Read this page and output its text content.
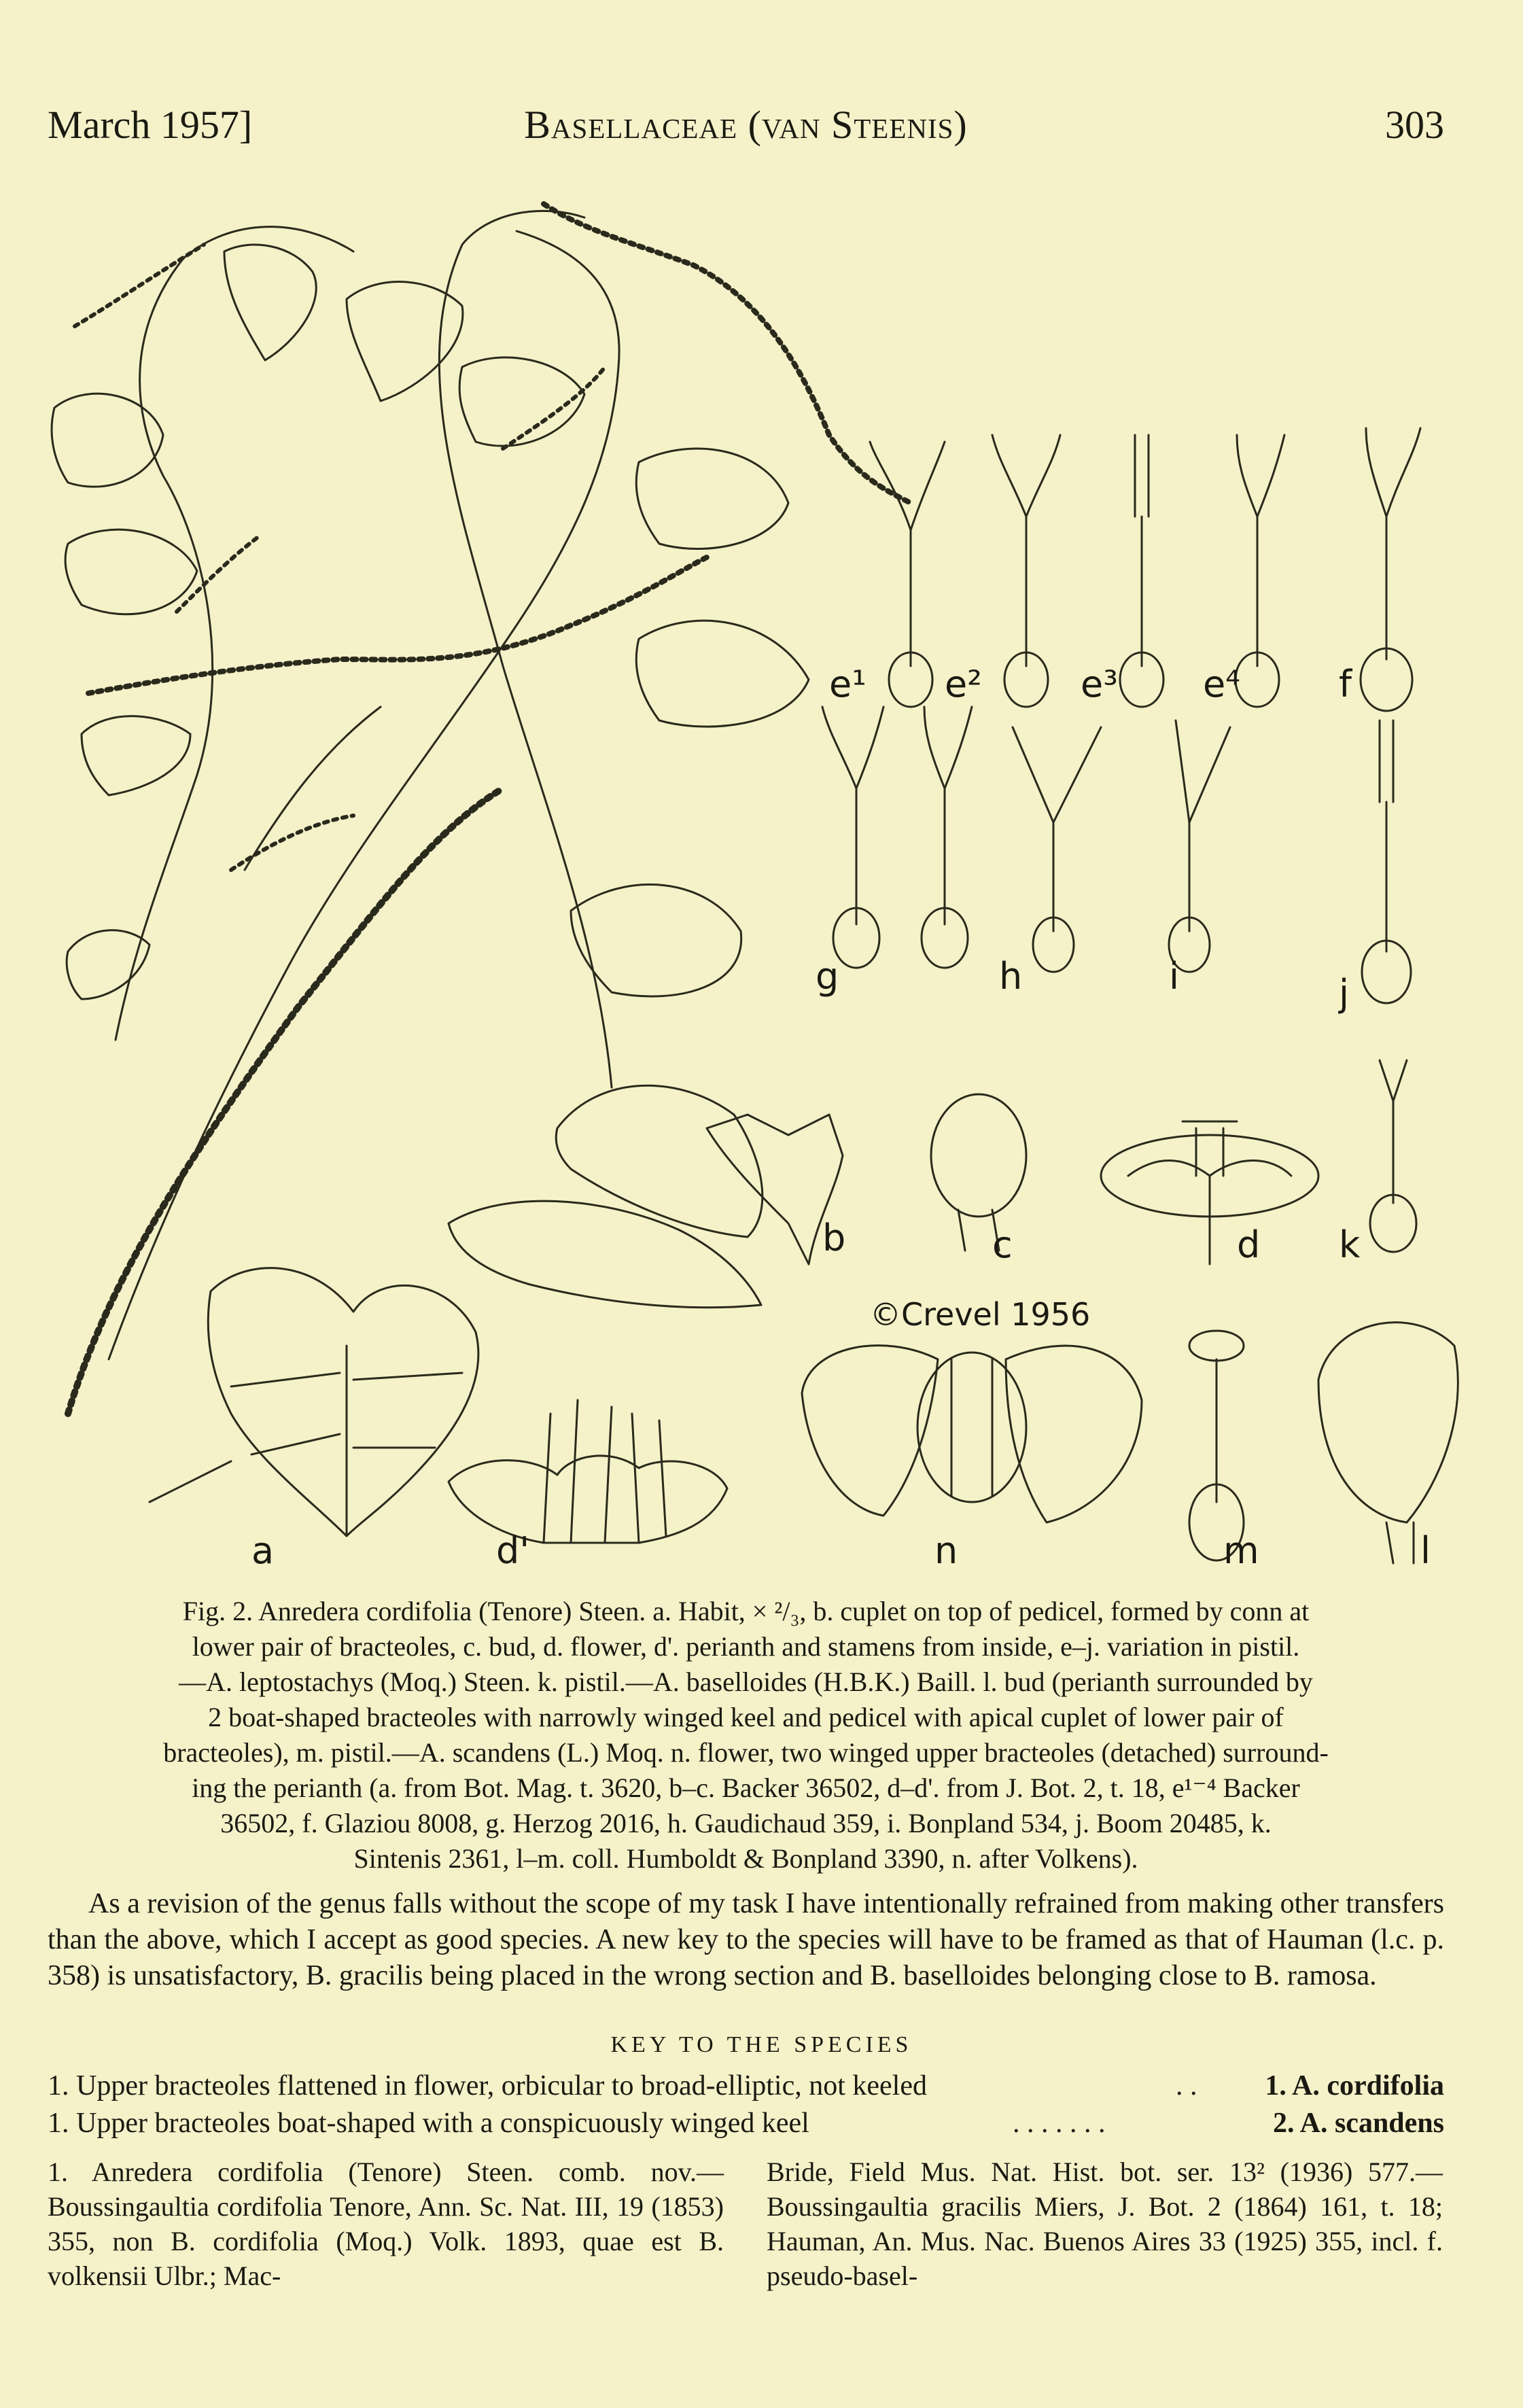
March 1957]	Basellaceae (van Steenis)	303
a	d'	n	m	l
e¹ e²	e³ e⁴	f
g	h	i	j
b	c	d k
©Crevel 1956
Fig. 2. Anredera cordifolia (Tenore) Steen. a. Habit, × ²/₃, b. cuplet on top of pedicel, formed by conn at
lower pair of bracteoles, c. bud, d. flower, d'. perianth and stamens from inside, e–j. variation in pistil.
—A. leptostachys (Moq.) Steen. k. pistil.—A. baselloides (H.B.K.) Baill. l. bud (perianth surrounded by
2 boat-shaped bracteoles with narrowly winged keel and pedicel with apical cuplet of lower pair of
bracteoles), m. pistil.—A. scandens (L.) Moq. n. flower, two winged upper bracteoles (detached) surround-
ing the perianth (a. from Bot. Mag. t. 3620, b–c. Backer 36502, d–d'. from J. Bot. 2, t. 18, e¹⁻⁴ Backer
36502, f. Glaziou 8008, g. Herzog 2016, h. Gaudichaud 359, i. Bonpland 534, j. Boom 20485, k.
Sintenis 2361, l–m. coll. Humboldt & Bonpland 3390, n. after Volkens).
As a revision of the genus falls without the scope of my task I have intentionally refrained from making other transfers than the above, which I accept as good species. A new key to the species will have to be framed as that of Hauman (l.c. p. 358) is unsatisfactory, B. gracilis being placed in the wrong section and B. baselloides belonging close to B. ramosa.
KEY TO THE SPECIES
1. Upper bracteoles flattened in flower, orbicular to broad-elliptic, not keeled	. . 1. A. cordifolia
1. Upper bracteoles boat-shaped with a conspicuously winged keel	. . . . . . .	2. A. scandens
1. Anredera cordifolia (Tenore) Steen. comb. nov.—Boussingaultia cordifolia Tenore, Ann. Sc. Nat. III, 19 (1853) 355, non B. cordifolia (Moq.) Volk. 1893, quae est B. volkensii Ulbr.; Mac-
Bride, Field Mus. Nat. Hist. bot. ser. 13² (1936) 577.—Boussingaultia gracilis Miers, J. Bot. 2 (1864) 161, t. 18; Hauman, An. Mus. Nac. Buenos Aires 33 (1925) 355, incl. f. pseudo-basel-
